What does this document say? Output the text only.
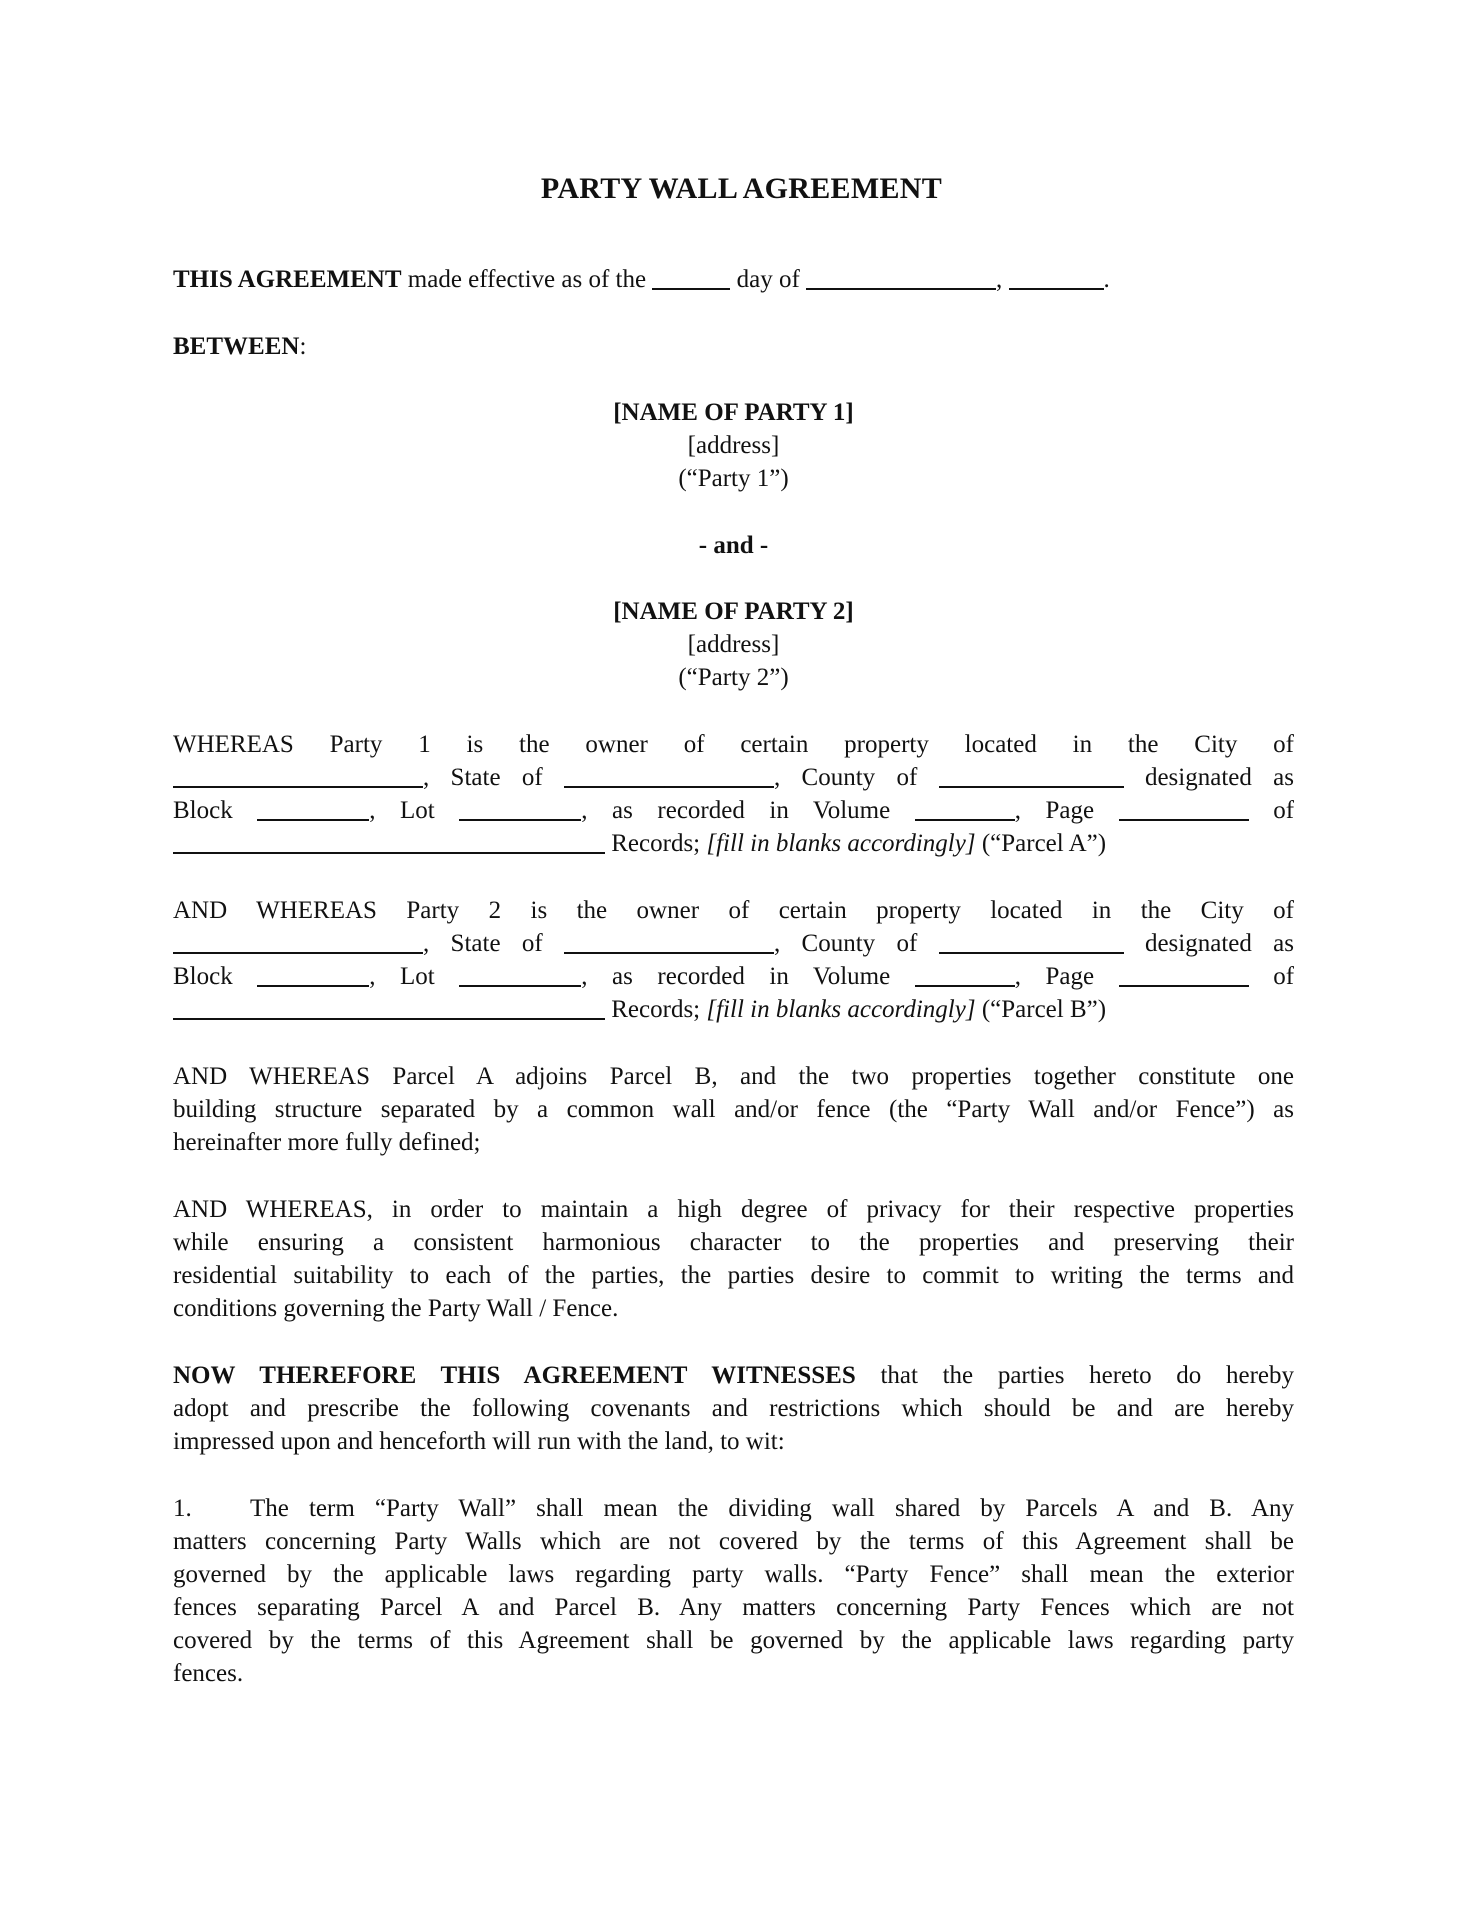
PARTY WALL AGREEMENT
THIS AGREEMENT made effective as of the	day of	,	.
BETWEEN:
[NAME OF PARTY 1]
[address]
(“Party 1”)
- and -
[NAME OF PARTY 2]
[address]
(“Party 2”)
WHEREAS Party 1 is the owner of certain property located in the City of
, State of	, County of	designated as
Block	, Lot	, as recorded in Volume	, Page	of
Records; [fill in blanks accordingly] (“Parcel A”)
AND WHEREAS Party 2 is the owner of certain property located in the City of
, State of	, County of	designated as
Block	, Lot	, as recorded in Volume	, Page	of
Records; [fill in blanks accordingly] (“Parcel B”)
AND WHEREAS Parcel A adjoins Parcel B, and the two properties together constitute one
building structure separated by a common wall and/or fence (the “Party Wall and/or Fence”) as
hereinafter more fully defined;
AND WHEREAS, in order to maintain a high degree of privacy for their respective properties
while ensuring a consistent harmonious character to the properties and preserving their
residential suitability to each of the parties, the parties desire to commit to writing the terms and
conditions governing the Party Wall / Fence.
NOW THEREFORE THIS AGREEMENT WITNESSES that the parties hereto do hereby
adopt and prescribe the following covenants and restrictions which should be and are hereby
impressed upon and henceforth will run with the land, to wit:
1.	The term “Party Wall” shall mean the dividing wall shared by Parcels A and B. Any
matters concerning Party Walls which are not covered by the terms of this Agreement shall be
governed by the applicable laws regarding party walls. “Party Fence” shall mean the exterior
fences separating Parcel A and Parcel B. Any matters concerning Party Fences which are not
covered by the terms of this Agreement shall be governed by the applicable laws regarding party
fences.
